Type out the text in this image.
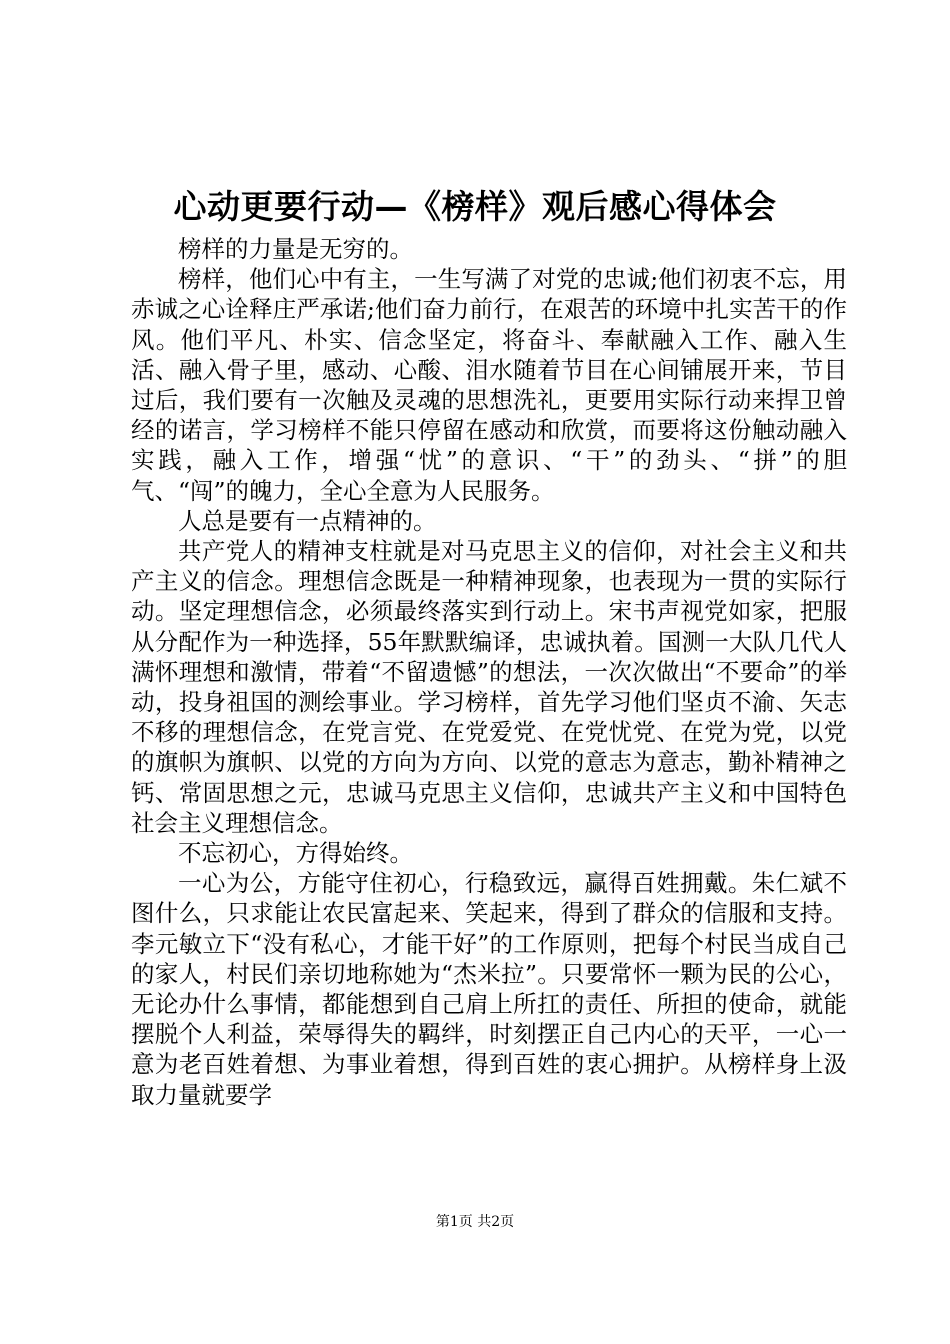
心动更要行动—《榜样》观后感心得体会

榜样的力量是无穷的。

榜样，他们心中有主，一生写满了对党的忠诚;他们初衷不忘，用赤诚之心诠释庄严承诺;他们奋力前行，在艰苦的环境中扎实苦干的作风。他们平凡、朴实、信念坚定，将奋斗、奉献融入工作、融入生活、融入骨子里，感动、心酸、泪水随着节目在心间铺展开来，节目过后，我们要有一次触及灵魂的思想洗礼，更要用实际行动来捍卫曾经的诺言，学习榜样不能只停留在感动和欣赏，而要将这份触动融入实践，融入工作，增强“忧”的意识、“干”的劲头、“拼”的胆气、“闯”的魄力，全心全意为人民服务。

人总是要有一点精神的。

共产党人的精神支柱就是对马克思主义的信仰，对社会主义和共产主义的信念。理想信念既是一种精神现象，也表现为一贯的实际行动。坚定理想信念，必须最终落实到行动上。宋书声视党如家，把服从分配作为一种选择，55年默默编译，忠诚执着。国测一大队几代人满怀理想和激情，带着“不留遗憾”的想法，一次次做出“不要命”的举动，投身祖国的测绘事业。学习榜样，首先学习他们坚贞不渝、矢志不移的理想信念，在党言党、在党爱党、在党忧党、在党为党，以党的旗帜为旗帜、以党的方向为方向、以党的意志为意志，勤补精神之钙、常固思想之元，忠诚马克思主义信仰，忠诚共产主义和中国特色社会主义理想信念。

不忘初心，方得始终。

一心为公，方能守住初心，行稳致远，赢得百姓拥戴。朱仁斌不图什么，只求能让农民富起来、笑起来，得到了群众的信服和支持。李元敏立下“没有私心，才能干好”的工作原则，把每个村民当成自己的家人，村民们亲切地称她为“杰米拉”。只要常怀一颗为民的公心，无论办什么事情，都能想到自己肩上所扛的责任、所担的使命，就能摆脱个人利益，荣辱得失的羁绊，时刻摆正自己内心的天平，一心一意为老百姓着想、为事业着想，得到百姓的衷心拥护。从榜样身上汲取力量就要学

第1页 共2页
